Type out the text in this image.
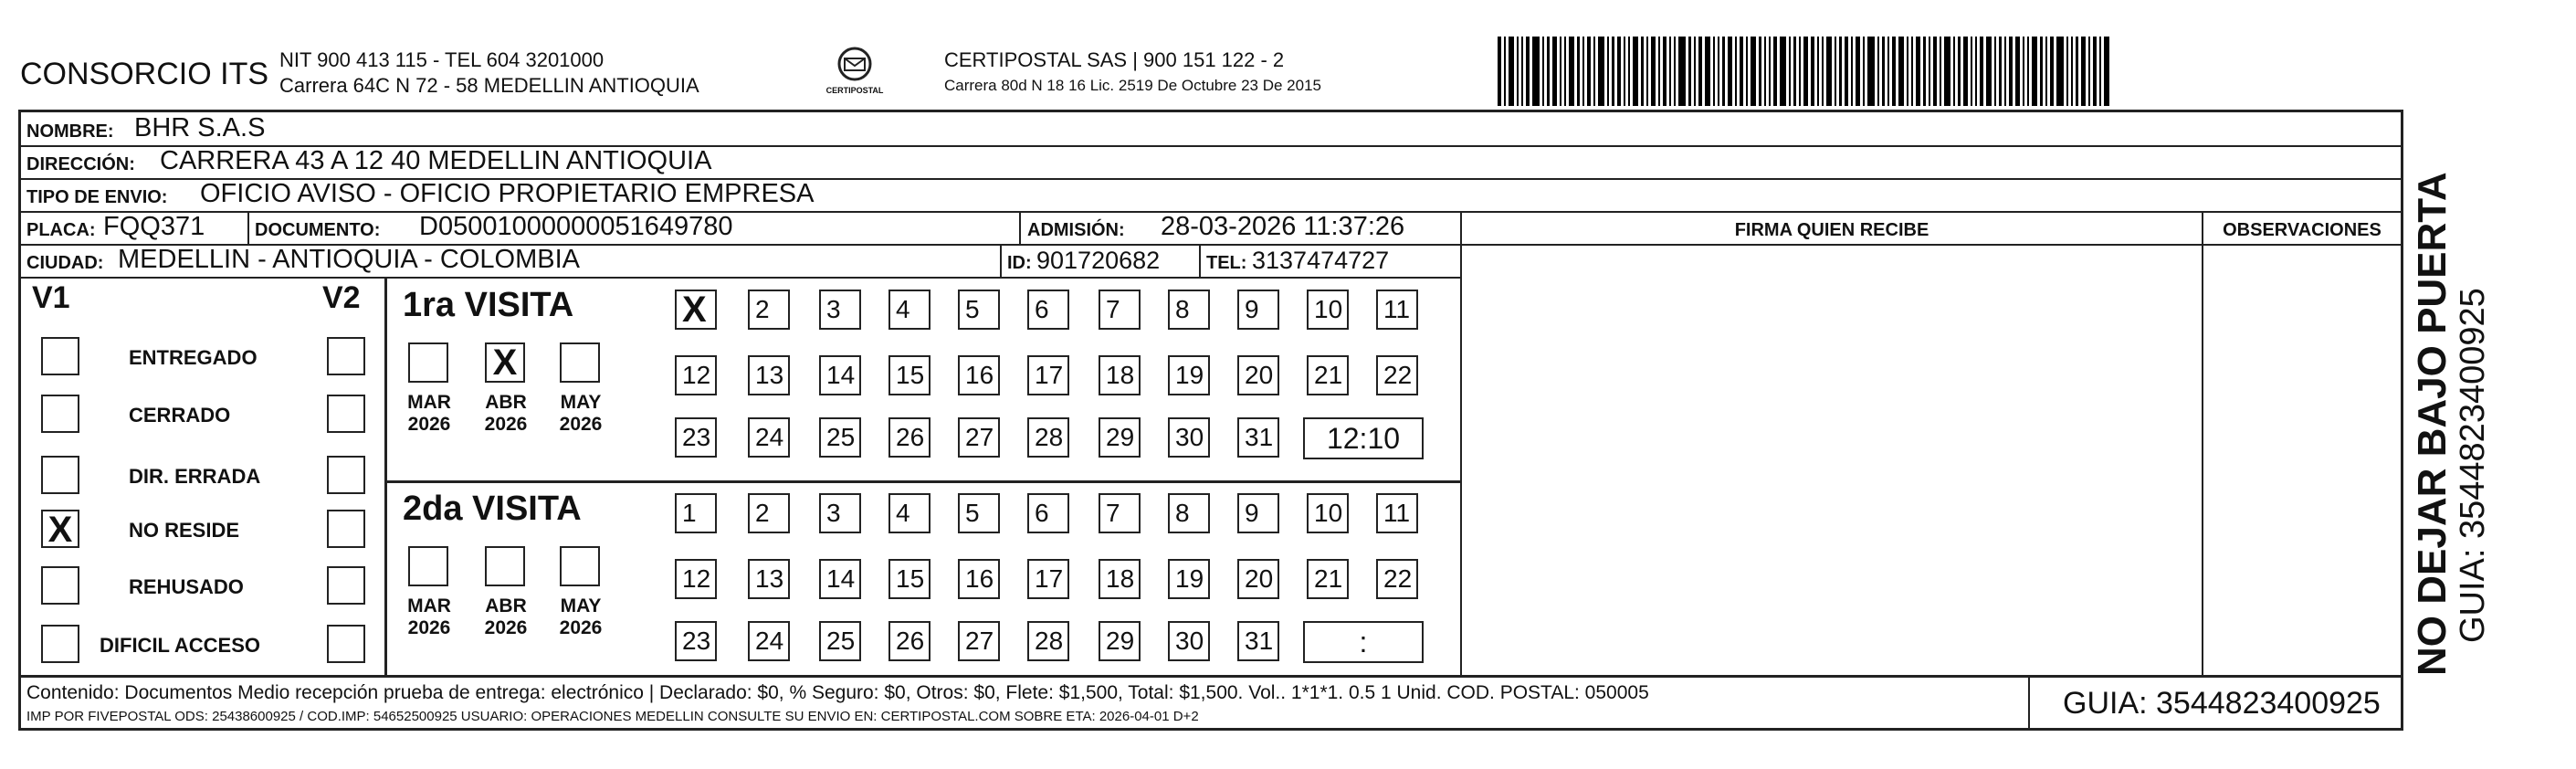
CONSORCIO ITS NIT 900 413 115 - TEL 604 3201000
Carrera 64C N 72 - 58 MEDELLIN ANTIOQUIA	CERTIPOSTAL
CERTIPOSTAL SAS | 900 151 122 - 2
Carrera 80d N 18 16 Lic. 2519 De Octubre 23 De 2015
NOMBRE: BHR S.A.S
DIRECCIÓN: CARRERA 43 A 12 40 MEDELLIN ANTIOQUIA
TIPO DE ENVIO: OFICIO AVISO - OFICIO PROPIETARIO EMPRESA
FIRMA QUIEN RECIBE	OBSERVACIONES
PLACA: FQQ371	DOCUMENTO: D05001000000051649780	ADMISIÓN: 28-03-2026 11:37:26
CIUDAD: MEDELLIN - ANTIOQUIA - COLOMBIA	ID: 901720682	TEL: 3137474727
V1	V2
ENTREGADO
CERRADO
DIR. ERRADA
X	NO RESIDE
REHUSADO
DIFICIL ACCESO
1ra VISITA
MAR
2026
X
ABR
2026
MAY
2026
X	2	3	4	5	6	7	8	9	10 11
12 13 14 15 16 17 18 19 20 21 22
23 24 25 26 27 28 29 30 31	12:10
2da VISITA
MAR
2026
ABR
2026
MAY
2026
1	2	3	4	5	6	7	8	9	10 11
12 13 14 15 16 17 18 19 20 21 22
23 24 25 26 27 28 29 30 31	:
Contenido: Documentos Medio recepción prueba de entrega: electrónico | Declarado: $0, % Seguro: $0, Otros: $0, Flete: $1,500, Total: $1,500. Vol.. 1*1*1. 0.5 1 Unid. COD. POSTAL: 050005
IMP POR FIVEPOSTAL ODS: 25438600925 / COD.IMP: 54652500925 USUARIO: OPERACIONES MEDELLIN CONSULTE SU ENVIO EN: CERTIPOSTAL.COM SOBRE ETA: 2026-04-01 D+2	GUIA: 3544823400925
NO DEJAR BAJO PUERTA GUIA: 3544823400925
